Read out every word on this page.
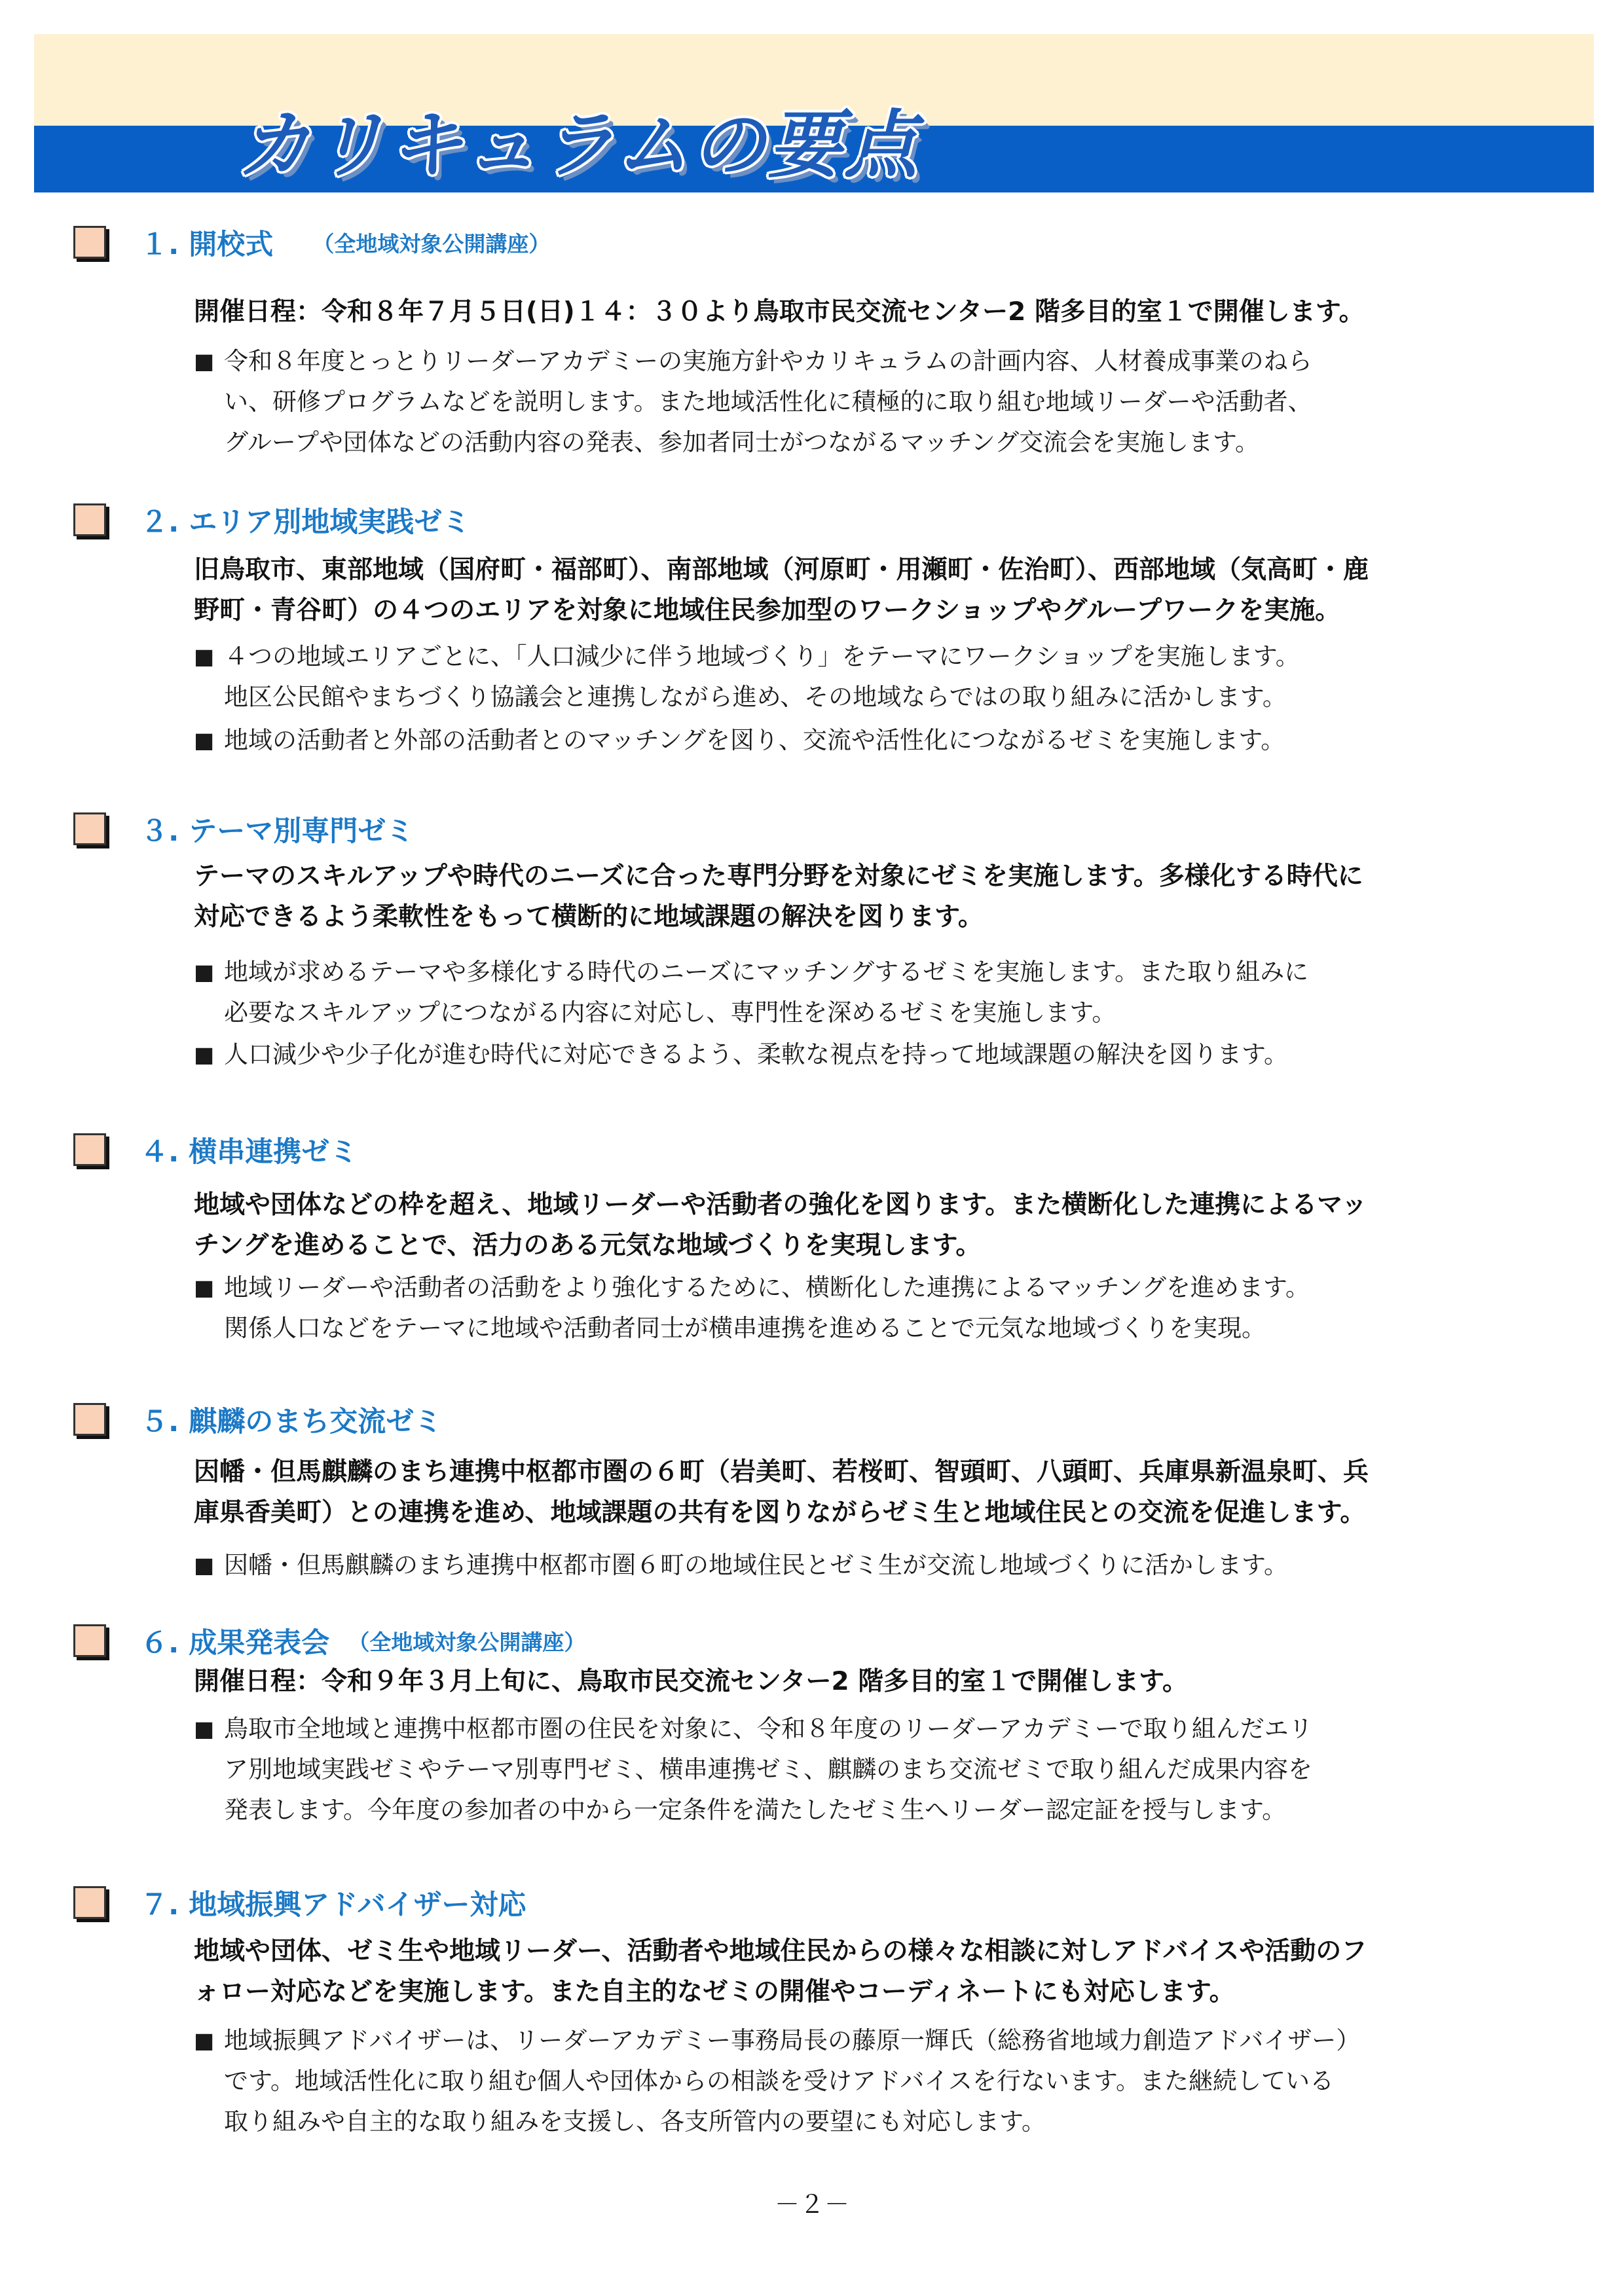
カリキュラムの要点
１. 開校式 （全地域対象公開講座）

開催日程：令和８年７月５日(日)１４：３０より鳥取市民交流センター2 階多目的室１で開催します。

■ 令和８年度とっとりリーダーアカデミーの実施方針やカリキュラムの計画内容、人材養成事業のねら
い、研修プログラムなどを説明します。また地域活性化に積極的に取り組む地域リーダーや活動者、
グループや団体などの活動内容の発表、参加者同士がつながるマッチング交流会を実施します。
２. エリア別地域実践ゼミ

旧鳥取市、東部地域（国府町・福部町）、南部地域（河原町・用瀬町・佐治町）、西部地域（気高町・鹿
野町・青谷町）の４つのエリアを対象に地域住民参加型のワークショップやグループワークを実施。

■ ４つの地域エリアごとに、「人口減少に伴う地域づくり」をテーマにワークショップを実施します。
地区公民館やまちづくり協議会と連携しながら進め、その地域ならではの取り組みに活かします。
■ 地域の活動者と外部の活動者とのマッチングを図り、交流や活性化につながるゼミを実施します。
３. テーマ別専門ゼミ

テーマのスキルアップや時代のニーズに合った専門分野を対象にゼミを実施します。多様化する時代に
対応できるよう柔軟性をもって横断的に地域課題の解決を図ります。

■ 地域が求めるテーマや多様化する時代のニーズにマッチングするゼミを実施します。また取り組みに
必要なスキルアップにつながる内容に対応し、専門性を深めるゼミを実施します。
■ 人口減少や少子化が進む時代に対応できるよう、柔軟な視点を持って地域課題の解決を図ります。
４. 横串連携ゼミ

地域や団体などの枠を超え、地域リーダーや活動者の強化を図ります。また横断化した連携によるマッ
チングを進めることで、活力のある元気な地域づくりを実現します。

■ 地域リーダーや活動者の活動をより強化するために、横断化した連携によるマッチングを進めます。
関係人口などをテーマに地域や活動者同士が横串連携を進めることで元気な地域づくりを実現。
５. 麒麟のまち交流ゼミ

因幡・但馬麒麟のまち連携中枢都市圏の６町（岩美町、若桜町、智頭町、八頭町、兵庫県新温泉町、兵
庫県香美町）との連携を進め、地域課題の共有を図りながらゼミ生と地域住民との交流を促進します。

■ 因幡・但馬麒麟のまち連携中枢都市圏６町の地域住民とゼミ生が交流し地域づくりに活かします。
６. 成果発表会 （全地域対象公開講座）

開催日程：令和９年３月上旬に、鳥取市民交流センター2 階多目的室１で開催します。

■ 鳥取市全地域と連携中枢都市圏の住民を対象に、令和８年度のリーダーアカデミーで取り組んだエリ
ア別地域実践ゼミやテーマ別専門ゼミ、横串連携ゼミ、麒麟のまち交流ゼミで取り組んだ成果内容を
発表します。今年度の参加者の中から一定条件を満たしたゼミ生へリーダー認定証を授与します。
７. 地域振興アドバイザー対応

地域や団体、ゼミ生や地域リーダー、活動者や地域住民からの様々な相談に対しアドバイスや活動のフ
ォロー対応などを実施します。また自主的なゼミの開催やコーディネートにも対応します。

■ 地域振興アドバイザーは、リーダーアカデミー事務局長の藤原一輝氏（総務省地域力創造アドバイザー）
です。地域活性化に取り組む個人や団体からの相談を受けアドバイスを行ないます。また継続している
取り組みや自主的な取り組みを支援し、各支所管内の要望にも対応します。
－２－
